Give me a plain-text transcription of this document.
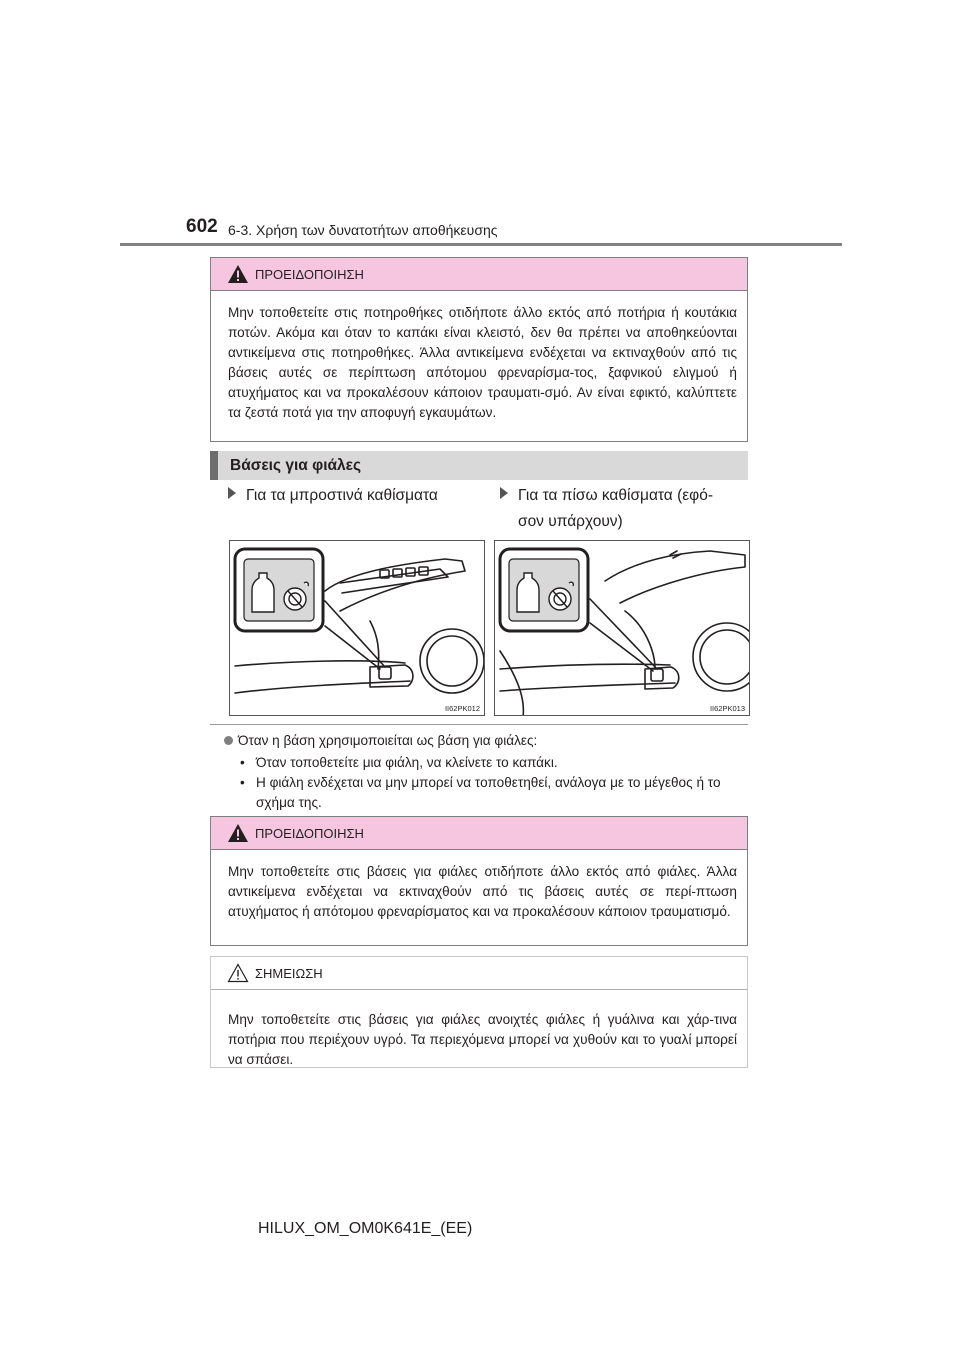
602 6-3. Χρήση των δυνατοτήτων αποθήκευσης
ΠΡΟΕΙΔΟΠΟΙΗΣΗ
Μην τοποθετείτε στις ποτηροθήκες οτιδήποτε άλλο εκτός από ποτήρια ή κουτάκια ποτών. Ακόμα και όταν το καπάκι είναι κλειστό, δεν θα πρέπει να αποθηκεύονται αντικείμενα στις ποτηροθήκες. Άλλα αντικείμενα ενδέχεται να εκτιναχθούν από τις βάσεις αυτές σε περίπτωση απότομου φρεναρίσμα-τος, ξαφνικού ελιγμού ή ατυχήματος και να προκαλέσουν κάποιον τραυματι-σμό. Αν είναι εφικτό, καλύπτετε τα ζεστά ποτά για την αποφυγή εγκαυμάτων.
Βάσεις για φιάλες
Για τα μπροστινά καθίσματα	Για τα πίσω καθίσματα (εφό-
σον υπάρχουν)
II62PK012	II62PK013
Όταν η βάση χρησιμοποιείται ως βάση για φιάλες:
• Όταν τοποθετείτε μια φιάλη, να κλείνετε το καπάκι.
• Η φιάλη ενδέχεται να μην μπορεί να τοποθετηθεί, ανάλογα με το μέγεθος ή το σχήμα της.
ΠΡΟΕΙΔΟΠΟΙΗΣΗ
Μην τοποθετείτε στις βάσεις για φιάλες οτιδήποτε άλλο εκτός από φιάλες. Άλλα αντικείμενα ενδέχεται να εκτιναχθούν από τις βάσεις αυτές σε περί-πτωση ατυχήματος ή απότομου φρεναρίσματος και να προκαλέσουν κάποιον τραυματισμό.
ΣΗΜΕΙΩΣΗ
Μην τοποθετείτε στις βάσεις για φιάλες ανοιχτές φιάλες ή γυάλινα και χάρ-τινα ποτήρια που περιέχουν υγρό. Τα περιεχόμενα μπορεί να χυθούν και το γυαλί μπορεί να σπάσει.
HILUX_OM_OM0K641E_(EE)
